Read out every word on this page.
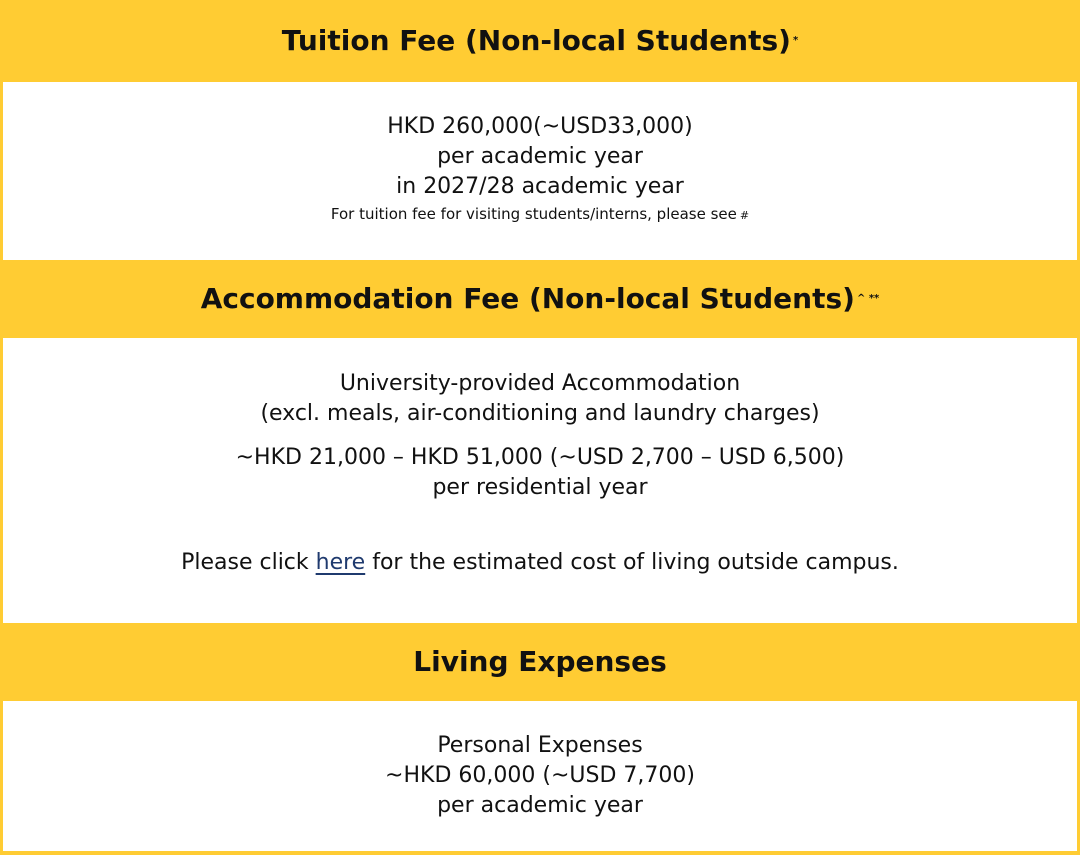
Tuition Fee (Non-local Students) *
HKD 260,000(~USD33,000)
per academic year
in 2027/28 academic year
For tuition fee for visiting students/interns, please see #
Accommodation Fee (Non-local Students) ^ **
University-provided Accommodation
(excl. meals, air-conditioning and laundry charges)
~HKD 21,000 – HKD 51,000 (~USD 2,700 – USD 6,500)
per residential year
Please click here for the estimated cost of living outside campus.
Living Expenses
Personal Expenses
~HKD 60,000 (~USD 7,700)
per academic year
